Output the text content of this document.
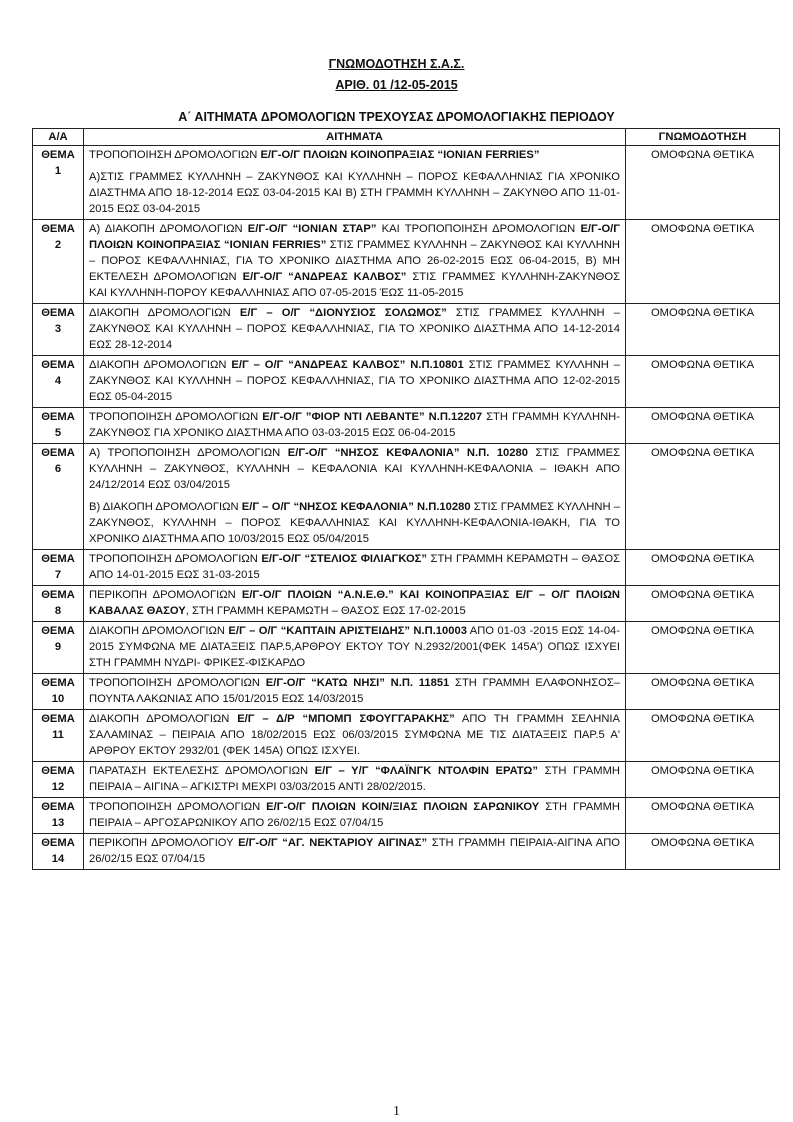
ΓΝΩΜΟΔΟΤΗΣΗ Σ.Α.Σ.
ΑΡΙΘ. 01 /12-05-2015
Α΄ ΑΙΤΗΜΑΤΑ ΔΡΟΜΟΛΟΓΙΩΝ ΤΡΕΧΟΥΣΑΣ ΔΡΟΜΟΛΟΓΙΑΚΗΣ ΠΕΡΙΟΔΟΥ
Α/Α	ΑΙΤΗΜΑΤΑ	ΓΝΩΜΟΔΟΤΗΣΗ
ΘΕΜΑ 1	ΤΡΟΠΟΠΟΙΗΣΗ ΔΡΟΜΟΛΟΓΙΩΝ Ε/Γ-Ο/Γ ΠΛΟΙΩΝ ΚΟΙΝΟΠΡΑΞΙΑΣ “IONIAN FERRIES”
Α)ΣΤΙΣ ΓΡΑΜΜΕΣ ΚΥΛΛΗΝΗ – ΖΑΚΥΝΘΟΣ ΚΑΙ ΚΥΛΛΗΝΗ – ΠΟΡΟΣ ΚΕΦΑΛΛΗΝΙΑΣ ΓΙΑ ΧΡΟΝΙΚΟ ΔΙΑΣΤΗΜΑ ΑΠΟ 18-12-2014 ΕΩΣ 03-04-2015 ΚΑΙ Β) ΣΤΗ ΓΡΑΜΜΗ ΚΥΛΛΗΝΗ – ΖΑΚΥΝΘΟ ΑΠΟ 11-01-2015 ΕΩΣ 03-04-2015	ΟΜΟΦΩΝΑ ΘΕΤΙΚΑ
ΘΕΜΑ 2	Α) ΔΙΑΚΟΠΗ ΔΡΟΜΟΛΟΓΙΩΝ Ε/Γ-Ο/Γ “ΙΟΝΙΑΝ ΣΤΑΡ” ΚΑΙ ΤΡΟΠΟΠΟΙΗΣΗ ΔΡΟΜΟΛΟΓΙΩΝ Ε/Γ-Ο/Γ ΠΛΟΙΩΝ ΚΟΙΝΟΠΡΑΞΙΑΣ “IONIAN FERRIES” ΣΤΙΣ ΓΡΑΜΜΕΣ ΚΥΛΛΗΝΗ – ΖΑΚΥΝΘΟΣ ΚΑΙ ΚΥΛΛΗΝΗ – ΠΟΡΟΣ ΚΕΦΑΛΛΗΝΙΑΣ, ΓΙΑ ΤΟ ΧΡΟΝΙΚΟ ΔΙΑΣΤΗΜΑ ΑΠΟ 26-02-2015 ΕΩΣ 06-04-2015, Β) ΜΗ ΕΚΤΕΛΕΣΗ ΔΡΟΜΟΛΟΓΙΩΝ Ε/Γ-Ο/Γ “ΑΝΔΡΕΑΣ ΚΑΛΒΟΣ” ΣΤΙΣ ΓΡΑΜΜΕΣ ΚΥΛΛΗΝΗ-ΖΑΚΥΝΘΟΣ ΚΑΙ ΚΥΛΛΗΝΗ-ΠΟΡΟΥ ΚΕΦΑΛΛΗΝΙΑΣ ΑΠΟ 07-05-2015 ΈΩΣ 11-05-2015	ΟΜΟΦΩΝΑ ΘΕΤΙΚΑ
ΘΕΜΑ 3	ΔΙΑΚΟΠΗ ΔΡΟΜΟΛΟΓΙΩΝ Ε/Γ – Ο/Γ “ΔΙΟΝΥΣΙΟΣ ΣΟΛΩΜΟΣ” ΣΤΙΣ ΓΡΑΜΜΕΣ ΚΥΛΛΗΝΗ – ΖΑΚΥΝΘΟΣ ΚΑΙ ΚΥΛΛΗΝΗ – ΠΟΡΟΣ ΚΕΦΑΛΛΗΝΙΑΣ, ΓΙΑ ΤΟ ΧΡΟΝΙΚΟ ΔΙΑΣΤΗΜΑ ΑΠΟ 14-12-2014 ΕΩΣ 28-12-2014	ΟΜΟΦΩΝΑ ΘΕΤΙΚΑ
ΘΕΜΑ 4	ΔΙΑΚΟΠΗ ΔΡΟΜΟΛΟΓΙΩΝ Ε/Γ – Ο/Γ “ΑΝΔΡΕΑΣ ΚΑΛΒΟΣ” Ν.Π.10801 ΣΤΙΣ ΓΡΑΜΜΕΣ ΚΥΛΛΗΝΗ – ΖΑΚΥΝΘΟΣ ΚΑΙ ΚΥΛΛΗΝΗ – ΠΟΡΟΣ ΚΕΦΑΛΛΗΝΙΑΣ, ΓΙΑ ΤΟ ΧΡΟΝΙΚΟ ΔΙΑΣΤΗΜΑ ΑΠΟ 12-02-2015 ΕΩΣ 05-04-2015	ΟΜΟΦΩΝΑ ΘΕΤΙΚΑ
ΘΕΜΑ 5	ΤΡΟΠΟΠΟΙΗΣΗ ΔΡΟΜΟΛΟΓΙΩΝ Ε/Γ-Ο/Γ ”ΦΙΟΡ ΝΤΙ ΛΕΒΑΝΤΕ” Ν.Π.12207 ΣΤΗ ΓΡΑΜΜΗ ΚΥΛΛΗΝΗ-ΖΑΚΥΝΘΟΣ ΓΙΑ ΧΡΟΝΙΚΟ ΔΙΑΣΤΗΜΑ ΑΠΟ 03-03-2015 ΕΩΣ 06-04-2015	ΟΜΟΦΩΝΑ ΘΕΤΙΚΑ
ΘΕΜΑ 6	Α) ΤΡΟΠΟΠΟΙΗΣΗ ΔΡΟΜΟΛΟΓΙΩΝ Ε/Γ-Ο/Γ “ΝΗΣΟΣ ΚΕΦΑΛΟΝΙΑ” Ν.Π. 10280 ΣΤΙΣ ΓΡΑΜΜΕΣ ΚΥΛΛΗΝΗ – ΖΑΚΥΝΘΟΣ, ΚΥΛΛΗΝΗ – ΚΕΦΑΛΟΝΙΑ ΚΑΙ ΚΥΛΛΗΝΗ-ΚΕΦΑΛΟΝΙΑ – ΙΘΑΚΗ ΑΠΟ 24/12/2014 ΕΩΣ 03/04/2015
Β) ΔΙΑΚΟΠΗ ΔΡΟΜΟΛΟΓΙΩΝ Ε/Γ – Ο/Γ “ΝΗΣΟΣ ΚΕΦΑΛΟΝΙΑ” Ν.Π.10280 ΣΤΙΣ ΓΡΑΜΜΕΣ ΚΥΛΛΗΝΗ – ΖΑΚΥΝΘΟΣ, ΚΥΛΛΗΝΗ – ΠΟΡΟΣ ΚΕΦΑΛΛΗΝΙΑΣ ΚΑΙ ΚΥΛΛΗΝΗ-ΚΕΦΑΛΟΝΙΑ-ΙΘΑΚΗ, ΓΙΑ ΤΟ ΧΡΟΝΙΚΟ ΔΙΑΣΤΗΜΑ ΑΠΟ 10/03/2015 ΕΩΣ 05/04/2015	ΟΜΟΦΩΝΑ ΘΕΤΙΚΑ
ΘΕΜΑ 7	ΤΡΟΠΟΠΟΙΗΣΗ ΔΡΟΜΟΛΟΓΙΩΝ Ε/Γ-Ο/Γ “ΣΤΕΛΙΟΣ ΦΙΛΙΑΓΚΟΣ” ΣΤΗ ΓΡΑΜΜΗ ΚΕΡΑΜΩΤΗ – ΘΑΣΟΣ ΑΠΟ 14-01-2015 ΕΩΣ 31-03-2015	ΟΜΟΦΩΝΑ ΘΕΤΙΚΑ
ΘΕΜΑ 8	ΠΕΡΙΚΟΠΗ ΔΡΟΜΟΛΟΓΙΩΝ Ε/Γ-Ο/Γ ΠΛΟΙΩΝ “Α.Ν.Ε.Θ.” ΚΑΙ ΚΟΙΝΟΠΡΑΞΙΑΣ Ε/Γ – Ο/Γ ΠΛΟΙΩΝ ΚΑΒΑΛΑΣ ΘΑΣΟΥ, ΣΤΗ ΓΡΑΜΜΗ ΚΕΡΑΜΩΤΗ – ΘΑΣΟΣ ΕΩΣ 17-02-2015	ΟΜΟΦΩΝΑ ΘΕΤΙΚΑ
ΘΕΜΑ 9	ΔΙΑΚΟΠΗ ΔΡΟΜΟΛΟΓΙΩΝ Ε/Γ – Ο/Γ “ΚΑΠΤΑΙΝ ΑΡΙΣΤΕΙΔΗΣ” Ν.Π.10003 ΑΠΟ 01-03 -2015 ΕΩΣ 14-04-2015 ΣΥΜΦΩΝΑ ΜΕ ΔΙΑΤΑΞΕΙΣ ΠΑΡ.5,ΑΡΘΡΟΥ ΕΚΤΟΥ ΤΟΥ Ν.2932/2001(ΦΕΚ 145Α') ΟΠΩΣ ΙΣΧΥΕΙ ΣΤΗ ΓΡΑΜΜΗ ΝΥΔΡΙ- ΦΡΙΚΕΣ-ΦΙΣΚΑΡΔΟ	ΟΜΟΦΩΝΑ ΘΕΤΙΚΑ
ΘΕΜΑ 10	ΤΡΟΠΟΠΟΙΗΣΗ ΔΡΟΜΟΛΟΓΙΩΝ Ε/Γ-Ο/Γ “ΚΑΤΩ ΝΗΣΙ” Ν.Π. 11851 ΣΤΗ ΓΡΑΜΜΗ ΕΛΑΦΟΝΗΣΟΣ– ΠΟΥΝΤΑ ΛΑΚΩΝΙΑΣ ΑΠΟ 15/01/2015 ΕΩΣ 14/03/2015	ΟΜΟΦΩΝΑ ΘΕΤΙΚΑ
ΘΕΜΑ 11	ΔΙΑΚΟΠΗ ΔΡΟΜΟΛΟΓΙΩΝ Ε/Γ – Δ/Ρ “ΜΠΟΜΠ ΣΦΟΥΓΓΑΡΑΚΗΣ” ΑΠΟ ΤΗ ΓΡΑΜΜΗ ΣΕΛΗΝΙΑ ΣΑΛΑΜΙΝΑΣ – ΠΕΙΡΑΙΑ ΑΠΟ 18/02/2015 ΕΩΣ 06/03/2015 ΣΥΜΦΩΝΑ ΜΕ ΤΙΣ ΔΙΑΤΑΞΕΙΣ ΠΑΡ.5 Α' ΑΡΘΡΟΥ ΕΚΤΟΥ 2932/01 (ΦΕΚ 145Α) ΟΠΩΣ ΙΣΧΥΕΙ.	ΟΜΟΦΩΝΑ ΘΕΤΙΚΑ
ΘΕΜΑ 12	ΠΑΡΑΤΑΣΗ ΕΚΤΕΛΕΣΗΣ ΔΡΟΜΟΛΟΓΙΩΝ Ε/Γ – Υ/Γ “ΦΛΑΪΝΓΚ ΝΤΟΛΦΙΝ ΕΡΑΤΩ” ΣΤΗ ΓΡΑΜΜΗ ΠΕΙΡΑΙΑ – ΑΙΓΙΝΑ – ΑΓΚΙΣΤΡΙ ΜΕΧΡΙ 03/03/2015 ΑΝΤΙ 28/02/2015.	ΟΜΟΦΩΝΑ ΘΕΤΙΚΑ
ΘΕΜΑ 13	ΤΡΟΠΟΠΟΙΗΣΗ ΔΡΟΜΟΛΟΓΙΩΝ Ε/Γ-Ο/Γ ΠΛΟΙΩΝ ΚΟΙΝ/ΞΙΑΣ ΠΛΟΙΩΝ ΣΑΡΩΝΙΚΟΥ ΣΤΗ ΓΡΑΜΜΗ ΠΕΙΡΑΙΑ – ΑΡΓΟΣΑΡΩΝΙΚΟΥ ΑΠΟ 26/02/15 ΕΩΣ 07/04/15	ΟΜΟΦΩΝΑ ΘΕΤΙΚΑ
ΘΕΜΑ 14	ΠΕΡΙΚΟΠΗ ΔΡΟΜΟΛΟΓΙΟΥ Ε/Γ-Ο/Γ “ΑΓ. ΝΕΚΤΑΡΙΟΥ ΑΙΓΙΝΑΣ” ΣΤΗ ΓΡΑΜΜΗ ΠΕΙΡΑΙΑ-ΑΙΓΙΝΑ ΑΠΟ 26/02/15 ΕΩΣ 07/04/15	ΟΜΟΦΩΝΑ ΘΕΤΙΚΑ
1
